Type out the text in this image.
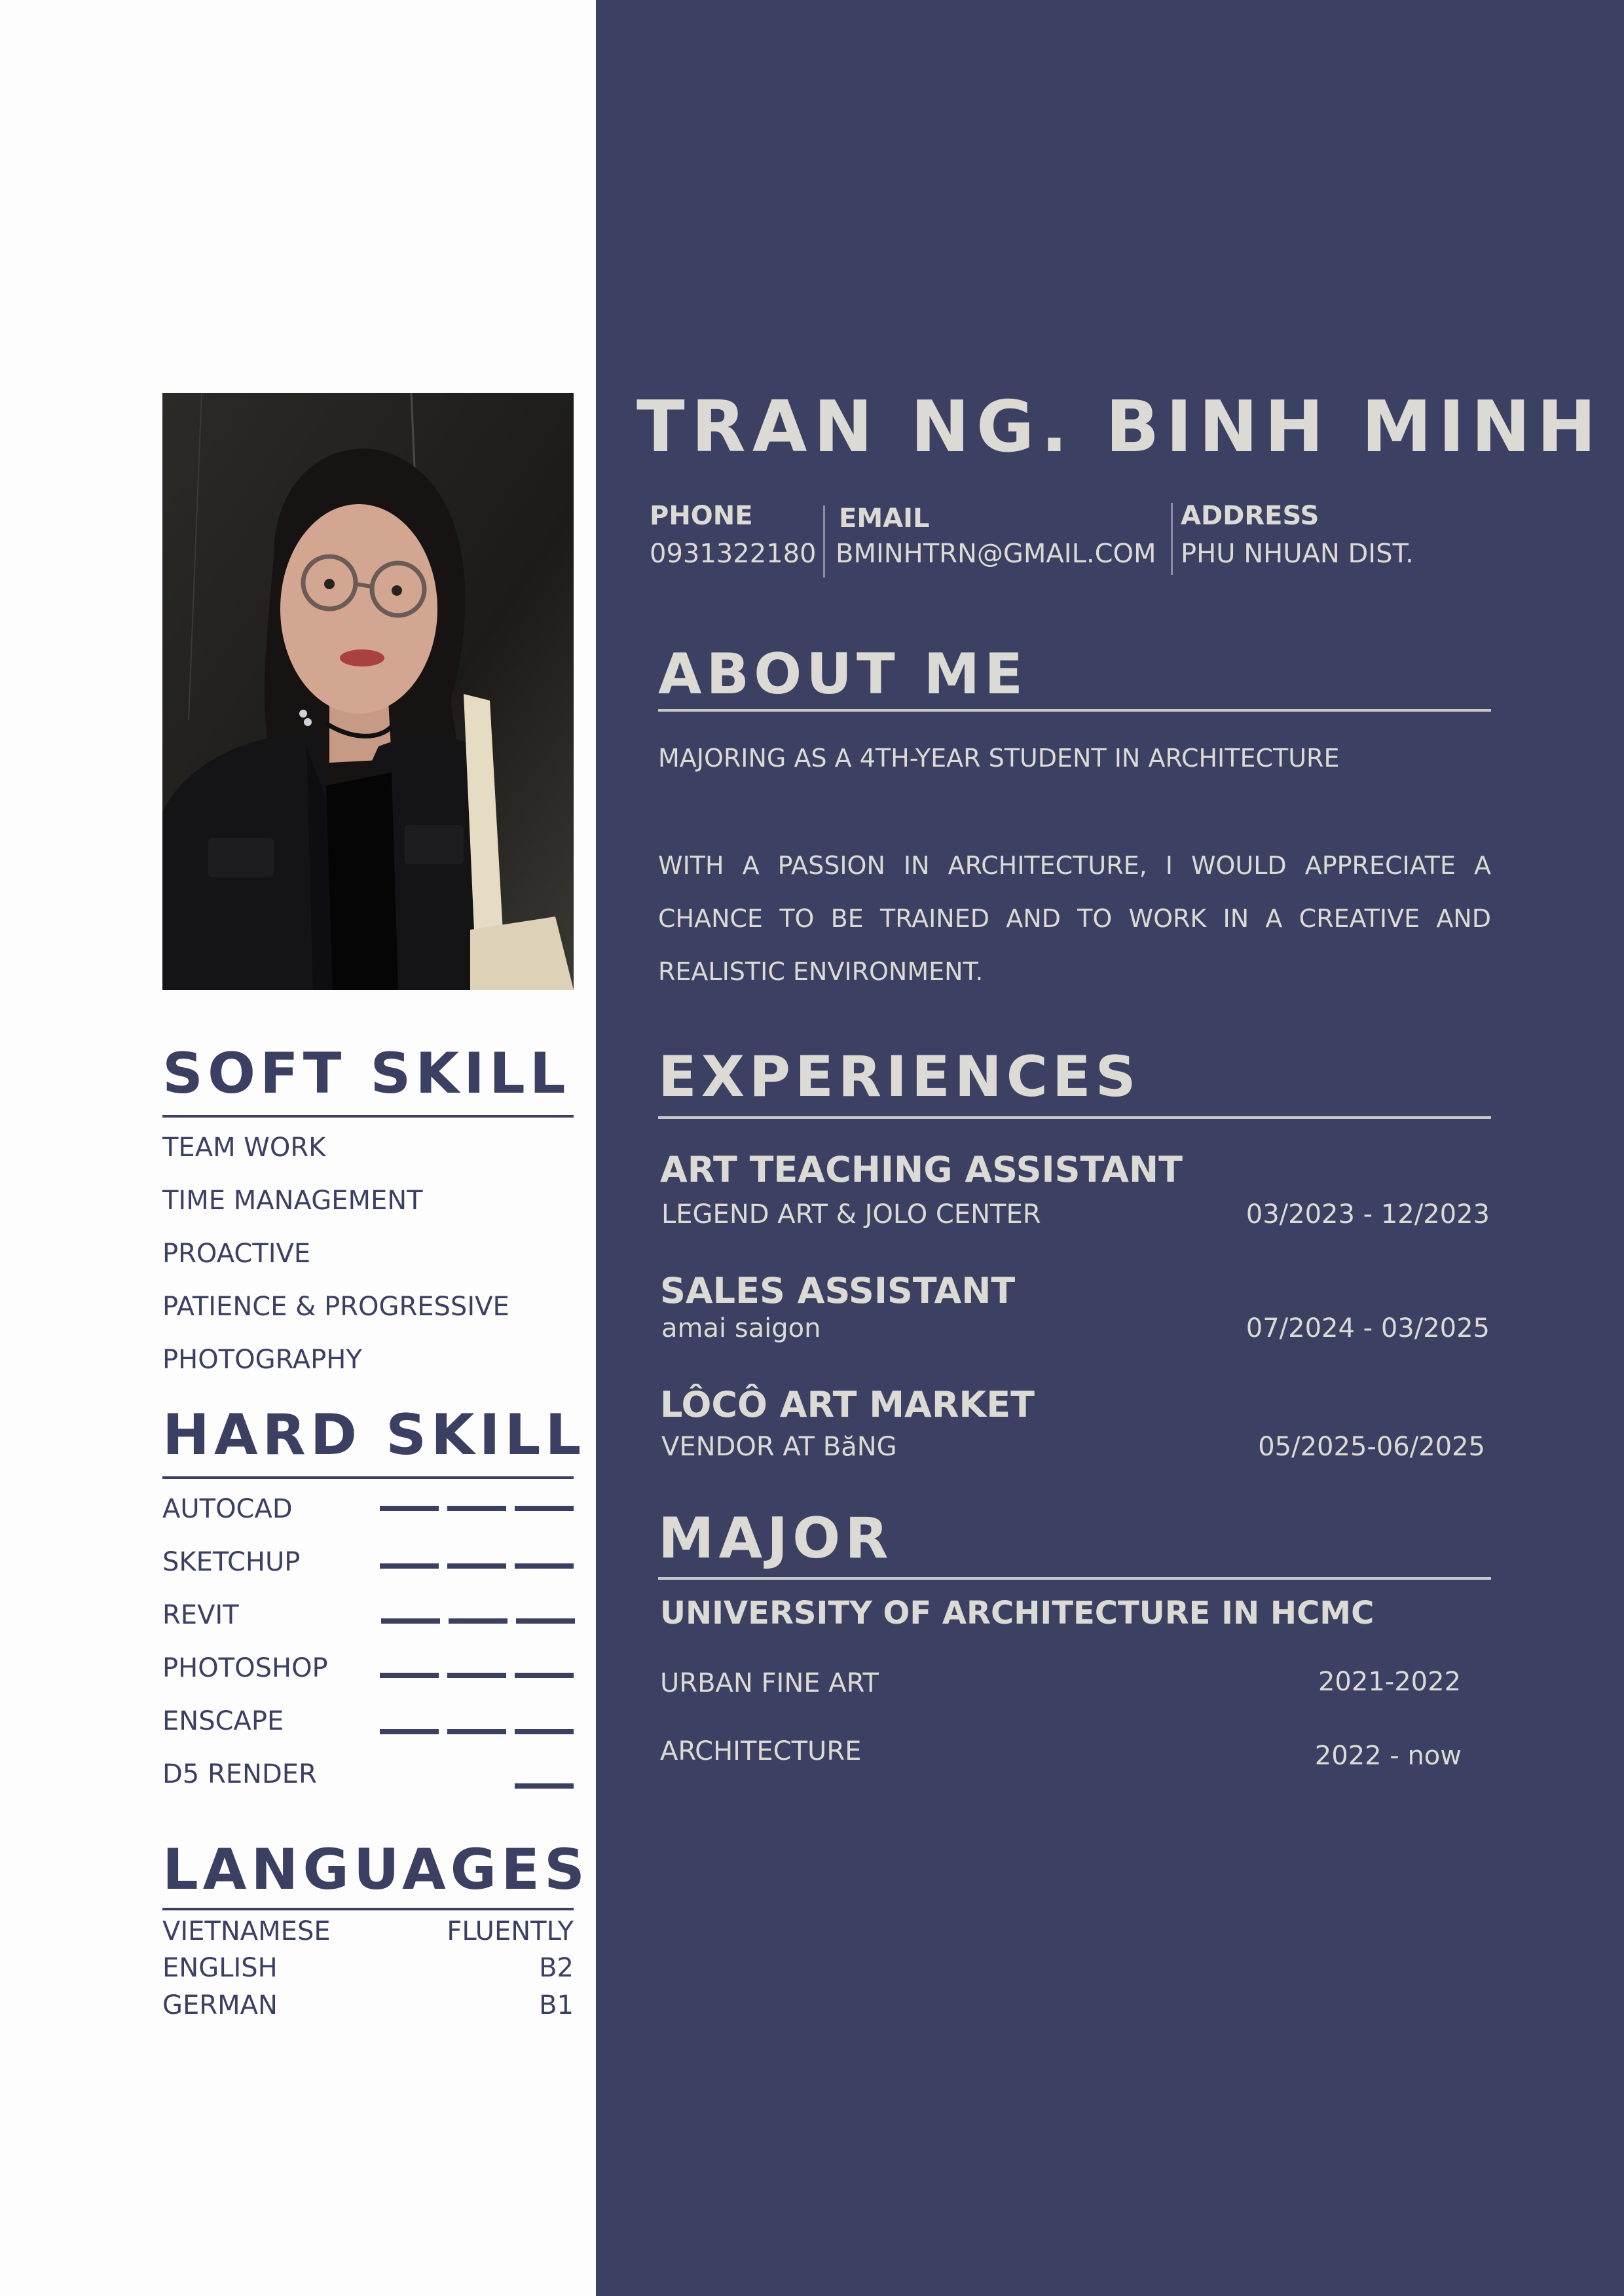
TRAN NG. BINH MINH
PHONE
0931322180
EMAIL
BMINHTRN@GMAIL.COM
ADDRESS
PHU NHUAN DIST.
ABOUT ME
MAJORING AS A 4TH-YEAR STUDENT IN ARCHITECTURE
WITH A PASSION IN ARCHITECTURE, I WOULD APPRECIATE A CHANCE TO BE TRAINED AND TO WORK IN A CREATIVE AND REALISTIC ENVIRONMENT.
EXPERIENCES
ART TEACHING ASSISTANT
LEGEND ART & JOLO CENTER	03/2023 - 12/2023
SALES ASSISTANT
amai saigon	07/2024 - 03/2025
LÔCÔ ART MARKET
VENDOR AT BăNG	05/2025-06/2025
MAJOR
UNIVERSITY OF ARCHITECTURE IN HCMC
URBAN FINE ART	2021-2022
ARCHITECTURE	2022 - now
SOFT SKILL
TEAM WORK
TIME MANAGEMENT
PROACTIVE
PATIENCE & PROGRESSIVE
PHOTOGRAPHY
HARD SKILL
AUTOCAD
SKETCHUP
REVIT
PHOTOSHOP
ENSCAPE
D5 RENDER
LANGUAGES
VIETNAMESE	FLUENTLY
ENGLISH	B2
GERMAN	B1
